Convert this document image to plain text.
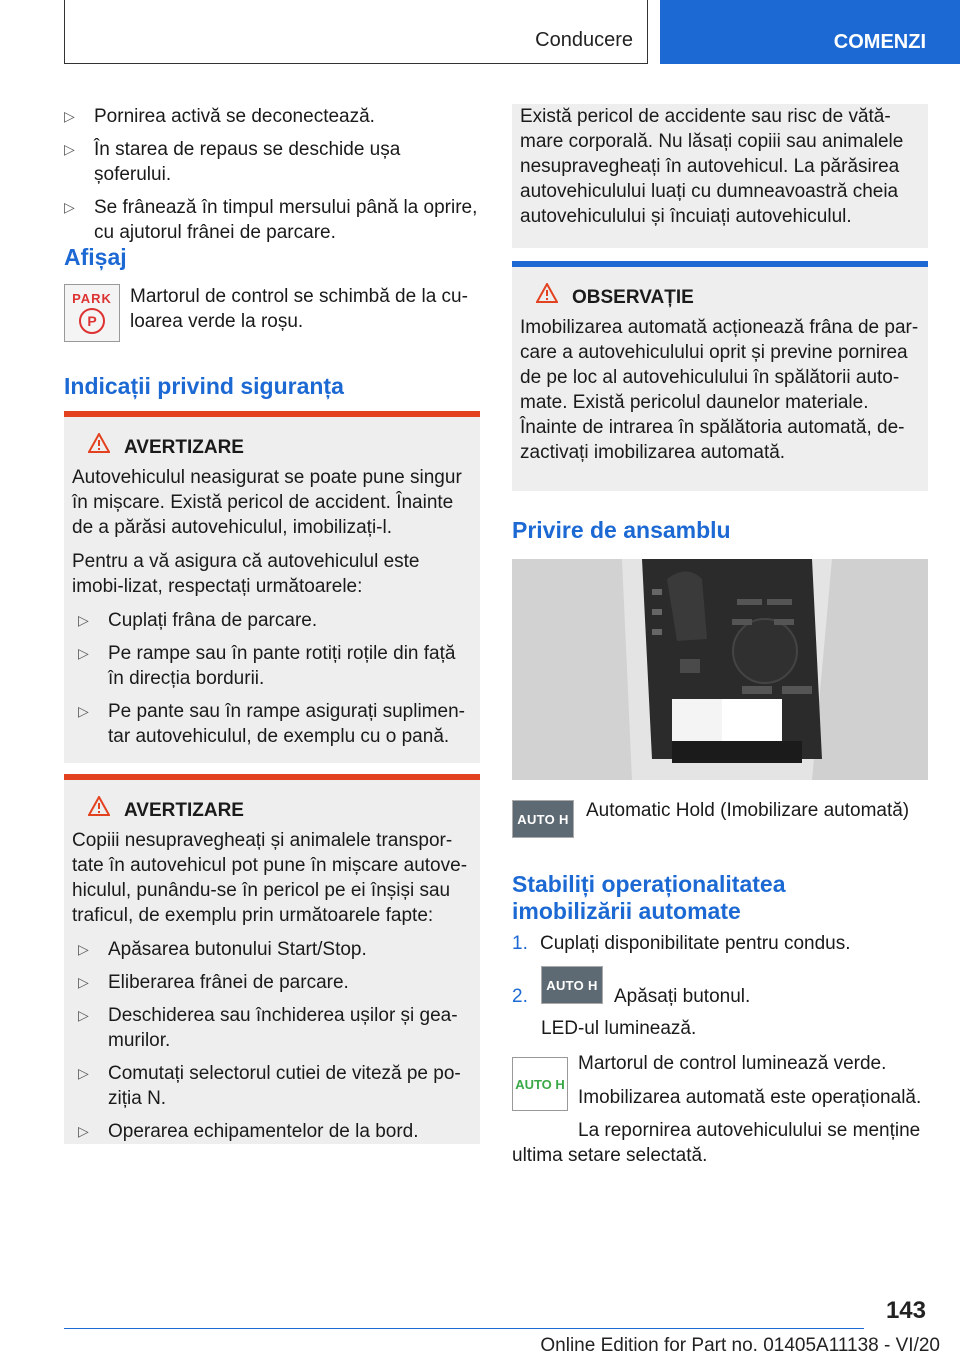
Conducere	COMENZI
▷ Pornirea activă se deconectează.
▷ În starea de repaus se deschide ușa șoferului.
▷ Se frânează în timpul mersului până la oprire, cu ajutorul frânei de parcare.
Afișaj
PARK
P
Martorul de control se schimbă de la cu-loarea verde la roșu.
Indicații privind siguranța
AVERTIZARE

Autovehiculul neasigurat se poate pune singur în mișcare. Există pericol de accident. Înainte de a părăsi autovehiculul, imobilizați-l.

Pentru a vă asigura că autovehiculul este imobi-lizat, respectați următoarele:

▷ Cuplați frâna de parcare.
▷ Pe rampe sau în pante rotiți roțile din față în direcția bordurii.
▷ Pe pante sau în rampe asigurați suplimen-tar autovehiculul, de exemplu cu o pană.
AVERTIZARE

Copiii nesupravegheați și animalele transpor-tate în autovehicul pot pune în mișcare autove-hiculul, punându-se în pericol pe ei înșiși sau traficul, de exemplu prin următoarele fapte:

▷ Apăsarea butonului Start/Stop.
▷ Eliberarea frânei de parcare.
▷ Deschiderea sau închiderea ușilor și gea-murilor.
▷ Comutați selectorul cutiei de viteză pe po-ziția N.
▷ Operarea echipamentelor de la bord.

Există pericol de accidente sau risc de vătă-mare corporală. Nu lăsați copiii sau animalele nesupravegheați în autovehicul. La părăsirea autovehiculului luați cu dumneavoastră cheia autovehiculului și încuiați autovehiculul.

OBSERVAȚIE

Imobilizarea automată acționează frâna de par-care a autovehiculului oprit și previne pornirea de pe loc al autovehiculului în spălătorii auto-mate. Există pericolul daunelor materiale. Înainte de intrarea în spălătoria automată, de-zactivați imobilizarea automată.

Privire de ansamblu
AUTO H Automatic Hold (Imobilizare automată)
Stabiliți operaționalitatea
imobilizării automate
1. Cuplați disponibilitate pentru condus.
2.
AUTO H
Apăsați butonul.
LED-ul luminează.
AUTO H
Martorul de control luminează verde.
Imobilizarea automată este operațională.
La repornirea autovehiculului se menține
ultima setare selectată.
143
Online Edition for Part no. 01405A11138 - VI/20
